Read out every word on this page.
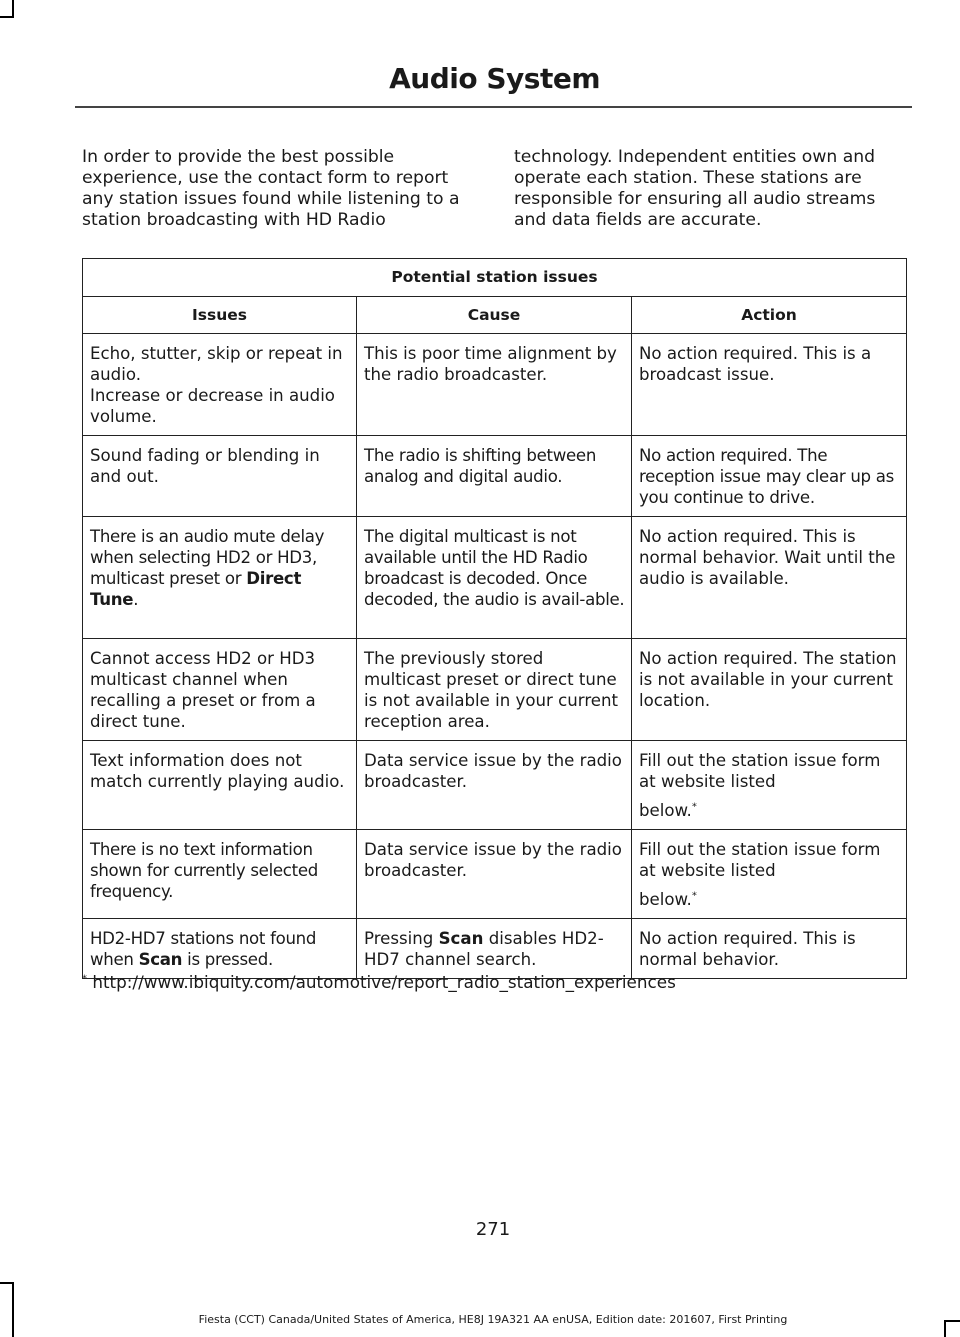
Audio System

In order to provide the best possible experience, use the contact form to report any station issues found while listening to a station broadcasting with HD Radio

technology. Independent entities own and operate each station. These stations are responsible for ensuring all audio streams and data fields are accurate.

Potential station issues		
Issues	Cause	Action

Echo, stutter, skip or repeat in audio.
Increase or decrease in audio volume.	This is poor time alignment by the radio broadcaster.	No action required. This is a broadcast issue.
Sound fading or blending in and out.	The radio is shifting between analog and digital audio.	No action required. The reception issue may clear up as you continue to drive.
There is an audio mute delay when selecting HD2 or HD3, multicast preset or Direct Tune.	The digital multicast is not available until the HD Radio broadcast is decoded. Once decoded, the audio is avail-able.	No action required. This is normal behavior. Wait until the audio is available.
Cannot access HD2 or HD3 multicast channel when recalling a preset or from a direct tune.	The previously stored multicast preset or direct tune is not available in your current reception area.	No action required. The station is not available in your current location.
Text information does not match currently playing audio.	Data service issue by the radio broadcaster.	Fill out the station issue form at website listed
below.*

There is no text information shown for currently selected frequency.	Data service issue by the radio broadcaster.	Fill out the station issue form at website listed
below.*

HD2-HD7 stations not found when Scan is pressed.	Pressing Scan disables HD2-HD7 channel search.	No action required. This is normal behavior.
* http://www.ibiquity.com/automotive/report_radio_station_experiences
271
Fiesta (CCT) Canada/United States of America, HE8J 19A321 AA enUSA, Edition date: 201607, First Printing
